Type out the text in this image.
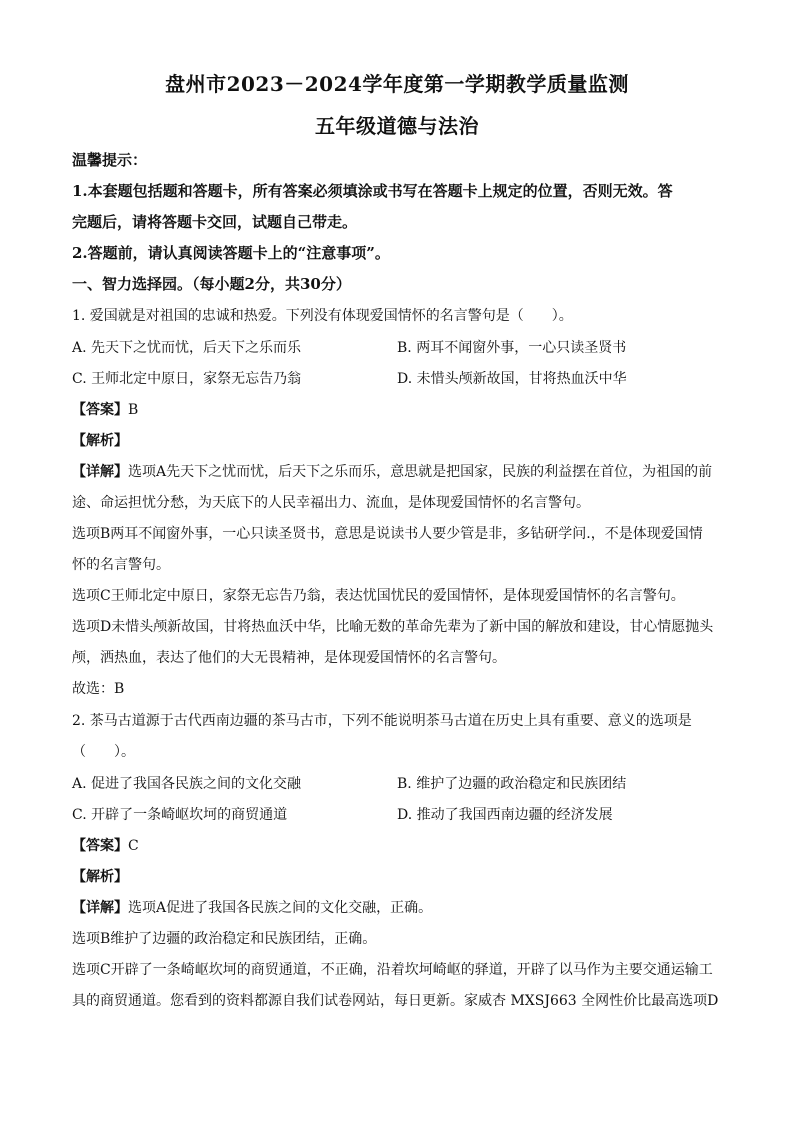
盘州市2023－2024学年度第一学期教学质量监测
五年级道德与法治
温馨提示：
1.本套题包括题和答题卡，所有答案必须填涂或书写在答题卡上规定的位置，否则无效。答
完题后，请将答题卡交回，试题自己带走。
2.答题前，请认真阅读答题卡上的“注意事项”。
一、智力选择园。（每小题2分，共30分）
1. 爱国就是对祖国的忠诚和热爱。下列没有体现爱国情怀的名言警句是（　　）。
A. 先天下之忧而忧，后天下之乐而乐	B. 两耳不闻窗外事，一心只读圣贤书
C. 王师北定中原日，家祭无忘告乃翁	D. 未惜头颅新故国，甘将热血沃中华
【答案】B
【解析】
【详解】选项A先天下之忧而忧，后天下之乐而乐，意思就是把国家，民族的利益摆在首位，为祖国的前
途、命运担忧分愁，为天底下的人民幸福出力、流血，是体现爱国情怀的名言警句。
选项B两耳不闻窗外事，一心只读圣贤书，意思是说读书人要少管是非，多钻研学问.，不是体现爱国情
怀的名言警句。
选项C王师北定中原日，家祭无忘告乃翁，表达忧国忧民的爱国情怀，是体现爱国情怀的名言警句。
选项D未惜头颅新故国，甘将热血沃中华，比喻无数的革命先辈为了新中国的解放和建设，甘心情愿抛头
颅，洒热血，表达了他们的大无畏精神，是体现爱国情怀的名言警句。
故选：B
2. 茶马古道源于古代西南边疆的茶马古市，下列不能说明茶马古道在历史上具有重要、意义的选项是
（　　）。
A. 促进了我国各民族之间的文化交融	B. 维护了边疆的政治稳定和民族团结
C. 开辟了一条崎岖坎坷的商贸通道	D. 推动了我国西南边疆的经济发展
【答案】C
【解析】
【详解】选项A促进了我国各民族之间的文化交融，正确。
选项B维护了边疆的政治稳定和民族团结，正确。
选项C开辟了一条崎岖坎坷的商贸通道，不正确，沿着坎坷崎岖的驿道，开辟了以马作为主要交通运输工
具的商贸通道。您看到的资料都源自我们试卷网站，每日更新。家威杏 MXSJ663 全网性价比最高选项D
